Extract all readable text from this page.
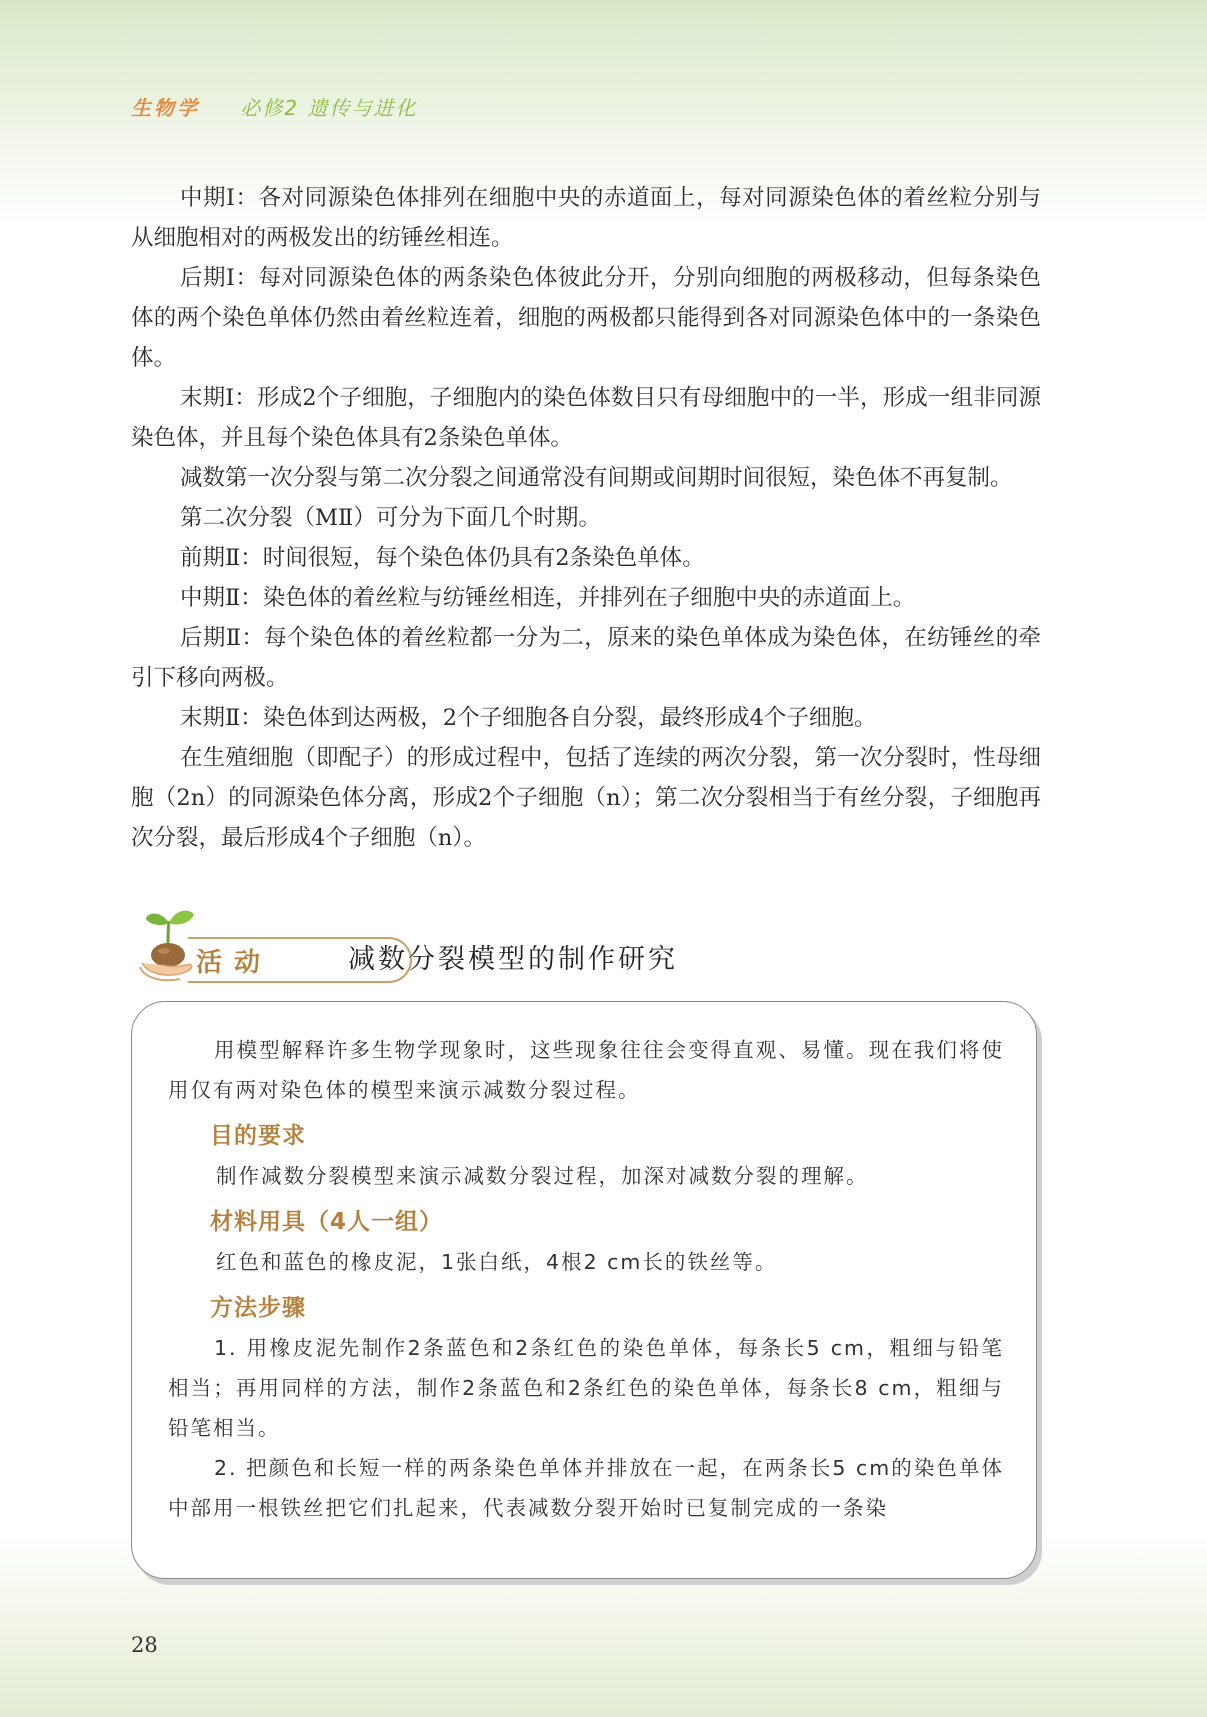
生物学 必修2 遗传与进化

中期Ⅰ：各对同源染色体排列在细胞中央的赤道面上，每对同源染色体的着丝粒分别与从细胞相对的两极发出的纺锤丝相连。

后期Ⅰ：每对同源染色体的两条染色体彼此分开，分别向细胞的两极移动，但每条染色体的两个染色单体仍然由着丝粒连着，细胞的两极都只能得到各对同源染色体中的一条染色体。

末期Ⅰ：形成2个子细胞，子细胞内的染色体数目只有母细胞中的一半，形成一组非同源染色体，并且每个染色体具有2条染色单体。

减数第一次分裂与第二次分裂之间通常没有间期或间期时间很短，染色体不再复制。

第二次分裂（MⅡ）可分为下面几个时期。

前期Ⅱ：时间很短，每个染色体仍具有2条染色单体。

中期Ⅱ：染色体的着丝粒与纺锤丝相连，并排列在子细胞中央的赤道面上。

后期Ⅱ：每个染色体的着丝粒都一分为二，原来的染色单体成为染色体，在纺锤丝的牵引下移向两极。

末期Ⅱ：染色体到达两极，2个子细胞各自分裂，最终形成4个子细胞。

在生殖细胞（即配子）的形成过程中，包括了连续的两次分裂，第一次分裂时，性母细胞（2n）的同源染色体分离，形成2个子细胞（n）；第二次分裂相当于有丝分裂，子细胞再次分裂，最后形成4个子细胞（n）。

活动	减数分裂模型的制作研究

用模型解释许多生物学现象时，这些现象往往会变得直观、易懂。现在我们将使用仅有两对染色体的模型来演示减数分裂过程。

目的要求

制作减数分裂模型来演示减数分裂过程，加深对减数分裂的理解。

材料用具（4人一组）

红色和蓝色的橡皮泥，1张白纸，4根2 cm长的铁丝等。

方法步骤

1. 用橡皮泥先制作2条蓝色和2条红色的染色单体，每条长5 cm，粗细与铅笔相当；再用同样的方法，制作2条蓝色和2条红色的染色单体，每条长8 cm，粗细与铅笔相当。

2. 把颜色和长短一样的两条染色单体并排放在一起，在两条长5 cm的染色单体中部用一根铁丝把它们扎起来，代表减数分裂开始时已复制完成的一条染

28
